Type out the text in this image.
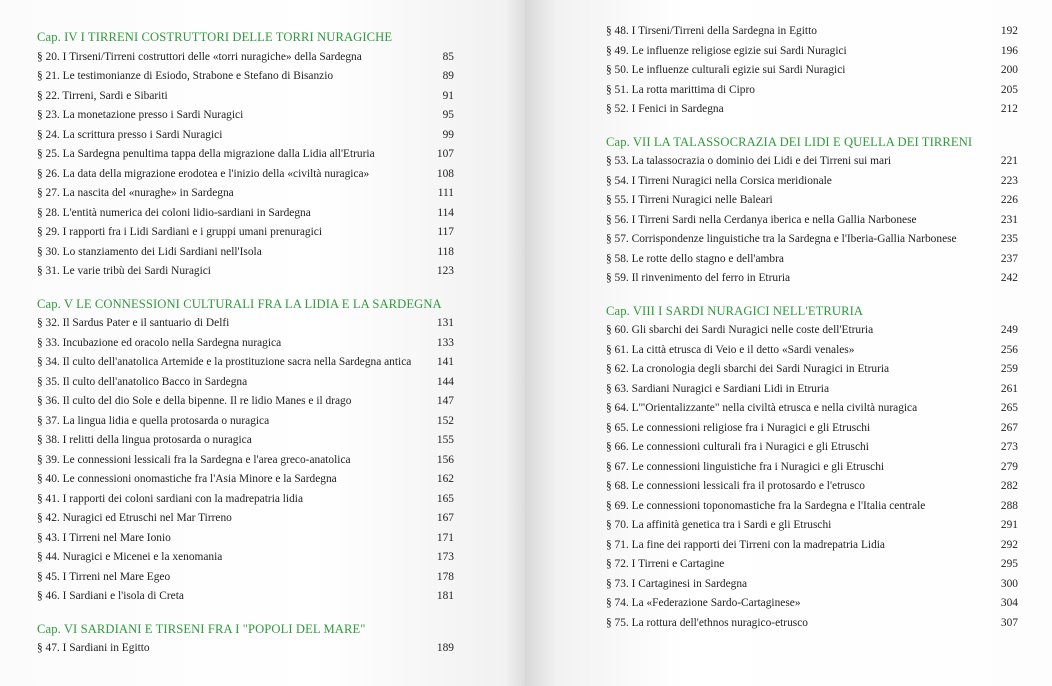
Cap. IV I TIRRENI COSTRUTTORI DELLE TORRI NURAGICHE
§ 20. I Tirseni/Tirreni costruttori delle «torri nuragiche» della Sardegna	85
§ 21. Le testimonianze di Esiodo, Strabone e Stefano di Bisanzio	89
§ 22. Tirreni, Sardi e Sibariti	91
§ 23. La monetazione presso i Sardi Nuragici	95
§ 24. La scrittura presso i Sardi Nuragici	99
§ 25. La Sardegna penultima tappa della migrazione dalla Lidia all'Etruria	107
§ 26. La data della migrazione erodotea e l'inizio della «civiltà nuragica»	108
§ 27. La nascita del «nuraghe» in Sardegna	111
§ 28. L'entità numerica dei coloni lidio-sardiani in Sardegna	114
§ 29. I rapporti fra i Lidi Sardiani e i gruppi umani prenuragici	117
§ 30. Lo stanziamento dei Lidi Sardiani nell'Isola	118
§ 31. Le varie tribù dei Sardi Nuragici	123
Cap. V LE CONNESSIONI CULTURALI FRA LA LIDIA E LA SARDEGNA
§ 32. Il Sardus Pater e il santuario di Delfi	131
§ 33. Incubazione ed oracolo nella Sardegna nuragica	133
§ 34. Il culto dell'anatolica Artemide e la prostituzione sacra nella Sardegna antica	141
§ 35. Il culto dell'anatolico Bacco in Sardegna	144
§ 36. Il culto del dio Sole e della bipenne. Il re lidio Manes e il drago	147
§ 37. La lingua lidia e quella protosarda o nuragica	152
§ 38. I relitti della lingua protosarda o nuragica	155
§ 39. Le connessioni lessicali fra la Sardegna e l'area greco-anatolica	156
§ 40. Le connessioni onomastiche fra l'Asia Minore e la Sardegna	162
§ 41. I rapporti dei coloni sardiani con la madrepatria lidia	165
§ 42. Nuragici ed Etruschi nel Mar Tirreno	167
§ 43. I Tirreni nel Mare Ionio	171
§ 44. Nuragici e Micenei e la xenomania	173
§ 45. I Tirreni nel Mare Egeo	178
§ 46. I Sardiani e l'isola di Creta	181
Cap. VI SARDIANI E TIRSENI FRA I "POPOLI DEL MARE"
§ 47. I Sardiani in Egitto	189
§ 48. I Tirseni/Tirreni della Sardegna in Egitto	192
§ 49. Le influenze religiose egizie sui Sardi Nuragici	196
§ 50. Le influenze culturali egizie sui Sardi Nuragici	200
§ 51. La rotta marittima di Cipro	205
§ 52. I Fenici in Sardegna	212
Cap. VII LA TALASSOCRAZIA DEI LIDI E QUELLA DEI TIRRENI
§ 53. La talassocrazia o dominio dei Lidi e dei Tirreni sui mari	221
§ 54. I Tirreni Nuragici nella Corsica meridionale	223
§ 55. I Tirreni Nuragici nelle Baleari	226
§ 56. I Tirreni Sardi nella Cerdanya iberica e nella Gallia Narbonese	231
§ 57. Corrispondenze linguistiche tra la Sardegna e l'Iberia-Gallia Narbonese	235
§ 58. Le rotte dello stagno e dell'ambra	237
§ 59. Il rinvenimento del ferro in Etruria	242
Cap. VIII I SARDI NURAGICI NELL'ETRURIA
§ 60. Gli sbarchi dei Sardi Nuragici nelle coste dell'Etruria	249
§ 61. La città etrusca di Veio e il detto «Sardi venales»	256
§ 62. La cronologia degli sbarchi dei Sardi Nuragici in Etruria	259
§ 63. Sardiani Nuragici e Sardiani Lidi in Etruria	261
§ 64. L'"Orientalizzante" nella civiltà etrusca e nella civiltà nuragica	265
§ 65. Le connessioni religiose fra i Nuragici e gli Etruschi	267
§ 66. Le connessioni culturali fra i Nuragici e gli Etruschi	273
§ 67. Le connessioni linguistiche fra i Nuragici e gli Etruschi	279
§ 68. Le connessioni lessicali fra il protosardo e l'etrusco	282
§ 69. Le connessioni toponomastiche fra la Sardegna e l'Italia centrale	288
§ 70. La affinità genetica tra i Sardi e gli Etruschi	291
§ 71. La fine dei rapporti dei Tirreni con la madrepatria Lidia	292
§ 72. I Tirreni e Cartagine	295
§ 73. I Cartaginesi in Sardegna	300
§ 74. La «Federazione Sardo-Cartaginese»	304
§ 75. La rottura dell'ethnos nuragico-etrusco	307
